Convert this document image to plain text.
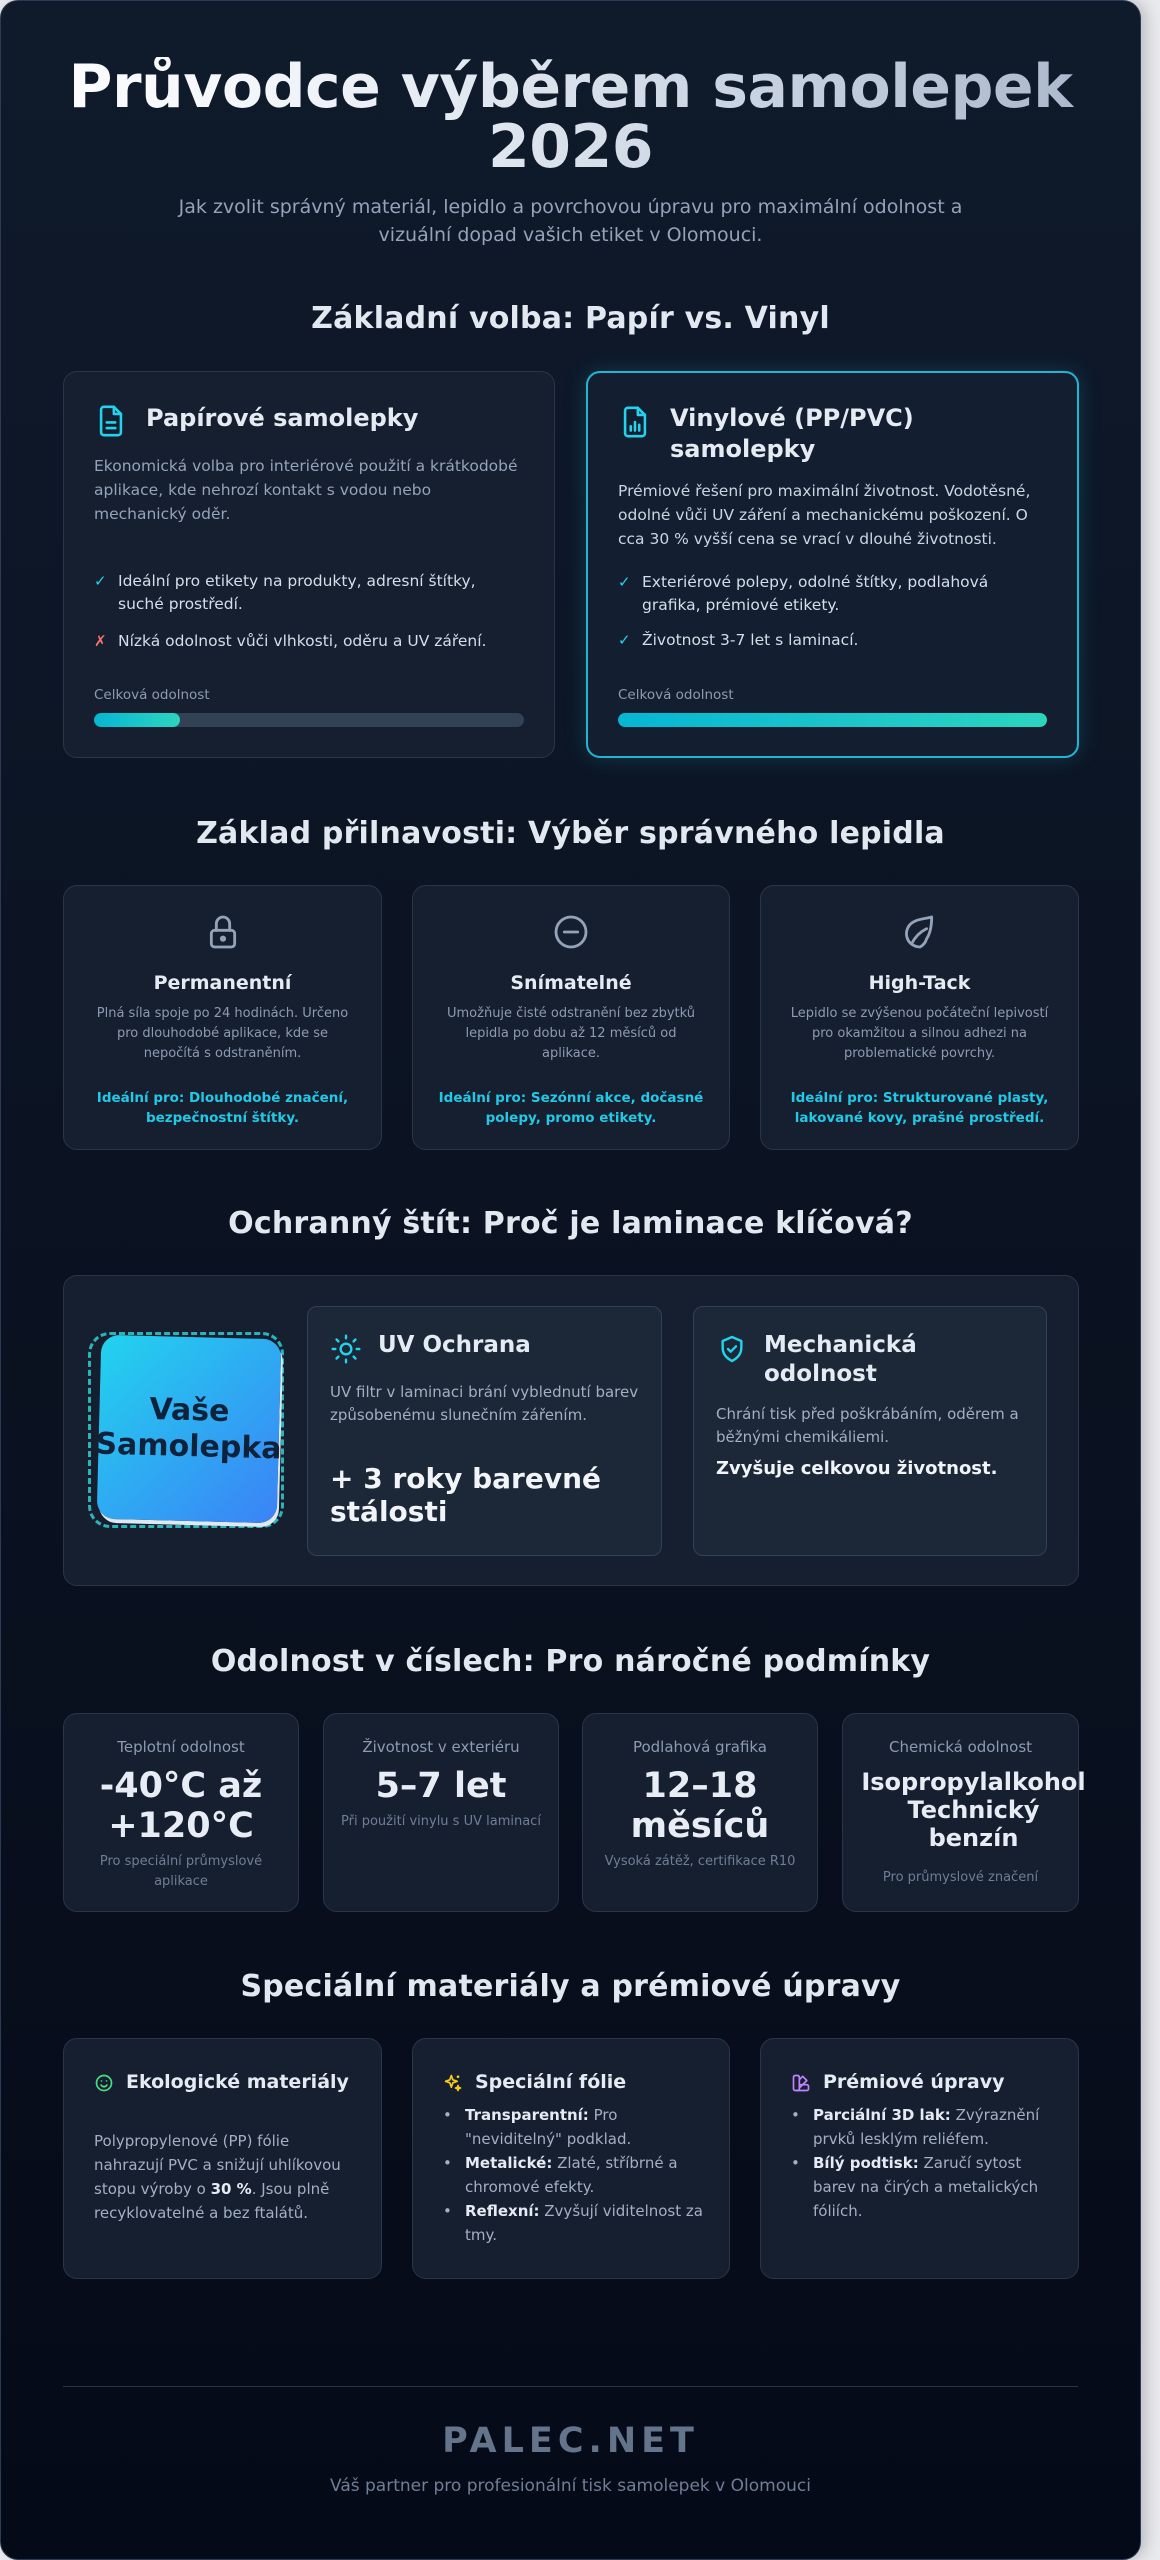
Průvodce výběrem samolepek
2026
Jak zvolit správný materiál, lepidlo a povrchovou úpravu pro maximální odolnost a vizuální dopad vašich etiket v Olomouci.
Základní volba: Papír vs. Vinyl
Papírové samolepky
Ekonomická volba pro interiérové použití a krátkodobé aplikace, kde nehrozí kontakt s vodou nebo mechanický oděr.
✓ Ideální pro etikety na produkty, adresní štítky, suché prostředí.
✗ Nízká odolnost vůči vlhkosti, oděru a UV záření.
Celková odolnost
Vinylové (PP/PVC) samolepky
Prémiové řešení pro maximální životnost. Vodotěsné, odolné vůči UV záření a mechanickému poškození. O cca 30 % vyšší cena se vrací v dlouhé životnosti.
✓ Exteriérové polepy, odolné štítky, podlahová grafika, prémiové etikety.
✓ Životnost 3-7 let s laminací.
Celková odolnost
Základ přilnavosti: Výběr správného lepidla
Permanentní
Plná síla spoje po 24 hodinách. Určeno pro dlouhodobé aplikace, kde se nepočítá s odstraněním.
Ideální pro: Dlouhodobé značení, bezpečnostní štítky.
Snímatelné
Umožňuje čisté odstranění bez zbytků lepidla po dobu až 12 měsíců od aplikace.
Ideální pro: Sezónní akce, dočasné polepy, promo etikety.
High-Tack
Lepidlo se zvýšenou počáteční lepivostí pro okamžitou a silnou adhezi na problematické povrchy.
Ideální pro: Strukturované plasty, lakované kovy, prašné prostředí.
Ochranný štít: Proč je laminace klíčová?
Vaše
Samolepka
UV Ochrana
UV filtr v laminaci brání vyblednutí barev způsobenému slunečním zářením.
+ 3 roky barevné stálosti
Mechanická odolnost
Chrání tisk před poškrábáním, oděrem a běžnými chemikáliemi.
Zvyšuje celkovou životnost.
Odolnost v číslech: Pro náročné podmínky
Teplotní odolnost
-40°C až
+120°C
Pro speciální průmyslové aplikace
Životnost v exteriéru
5–7 let
Při použití vinylu s UV laminací
Podlahová grafika
12–18
měsíců
Vysoká zátěž, certifikace R10
Chemická odolnost
Isopropylalkohol
Technický
benzín
Pro průmyslové značení
Speciální materiály a prémiové úpravy
Ekologické materiály
Polypropylenové (PP) fólie nahrazují PVC a snižují uhlíkovou stopu výroby o 30 %. Jsou plně recyklovatelné a bez ftalátů.
Speciální fólie
• Transparentní: Pro "neviditelný" podklad.
• Metalické: Zlaté, stříbrné a chromové efekty.
• Reflexní: Zvyšují viditelnost za tmy.
Prémiové úpravy
• Parciální 3D lak: Zvýraznění prvků lesklým reliéfem.
• Bílý podtisk: Zaručí sytost barev na čirých a metalických fóliích.
PALEC.NET
Váš partner pro profesionální tisk samolepek v Olomouci
